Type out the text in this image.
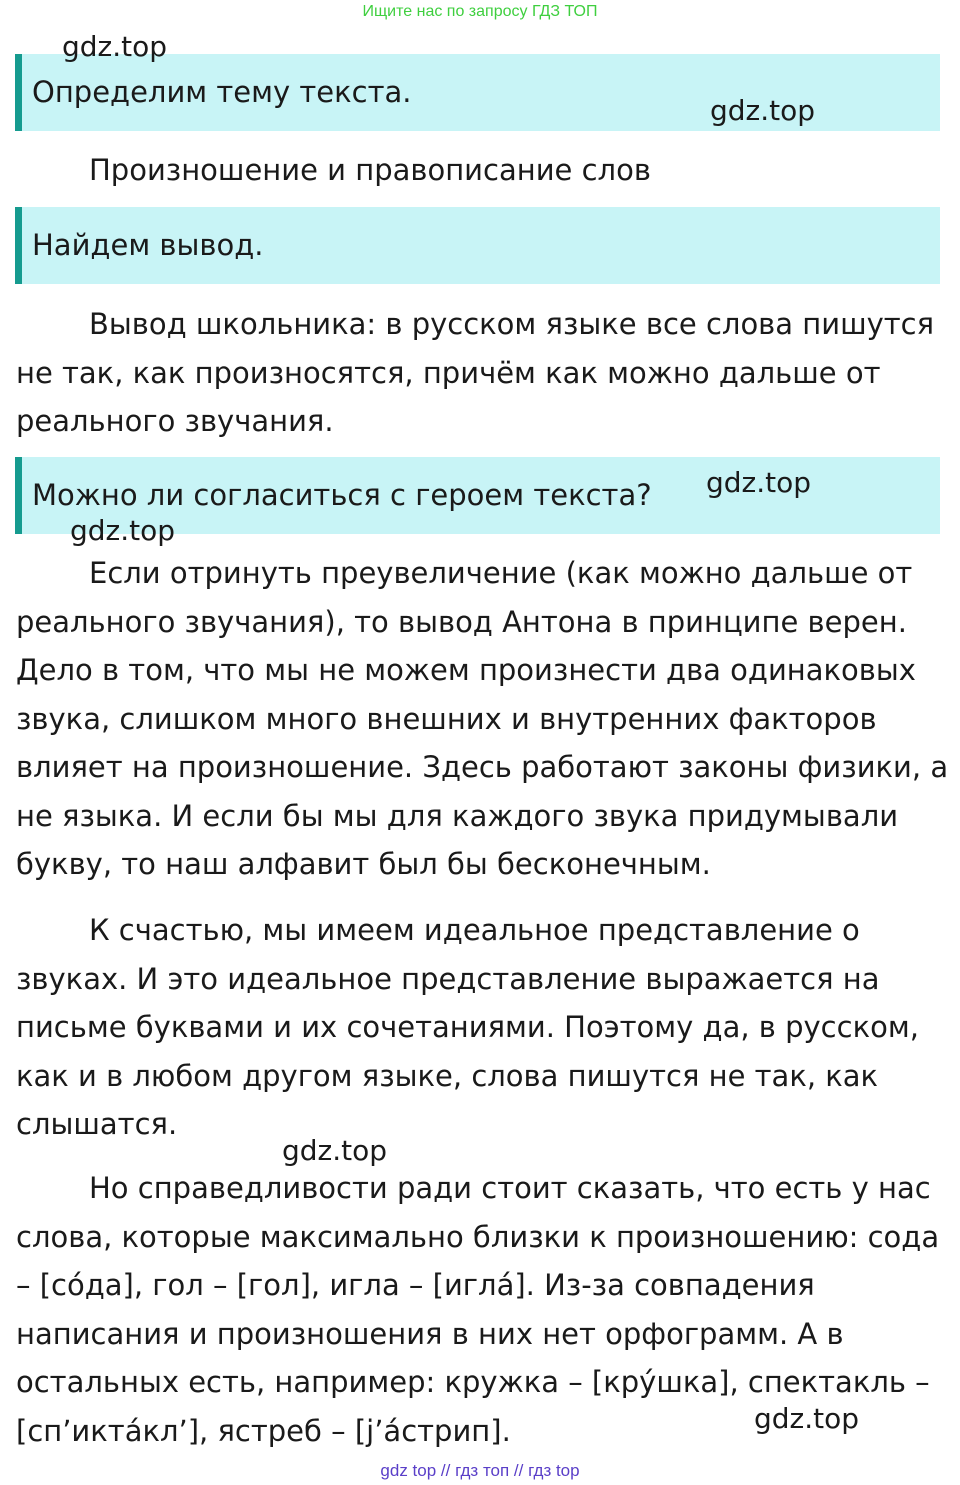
Ищите нас по запросу ГДЗ ТОП
Определим тему текста.

Произношение и правописание слов

Найдем вывод.

Вывод школьника: в русском языке все слова пишутся не так, как произносятся, причём как можно дальше от реального звучания.

Можно ли согласиться с героем текста?

Если отринуть преувеличение (как можно дальше от реального звучания), то вывод Антона в принципе верен. Дело в том, что мы не можем произнести два одинаковых звука, слишком много внешних и внутренних факторов влияет на произношение. Здесь работают законы физики, а не языка. И если бы мы для каждого звука придумывали букву, то наш алфавит был бы бесконечным.

К счастью, мы имеем идеальное представление о звуках. И это идеальное представление выражается на письме буквами и их сочетаниями. Поэтому да, в русском, как и в любом другом языке, слова пишутся не так, как слышатся.

Но справедливости ради стоит сказать, что есть у нас слова, которые максимально близки к произношению: сода – [со́да], гол – [гол], игла – [игла́]. Из-за совпадения написания и произношения в них нет орфограмм. А в остальных есть, например: кружка – [кру́шка], спектакль – [сп’икта́кл’], ястреб – [j’а́стрип].

gdz.top
gdz.top
gdz.top
gdz.top
gdz.top
gdz.top
gdz top // гдз топ // гдз top
